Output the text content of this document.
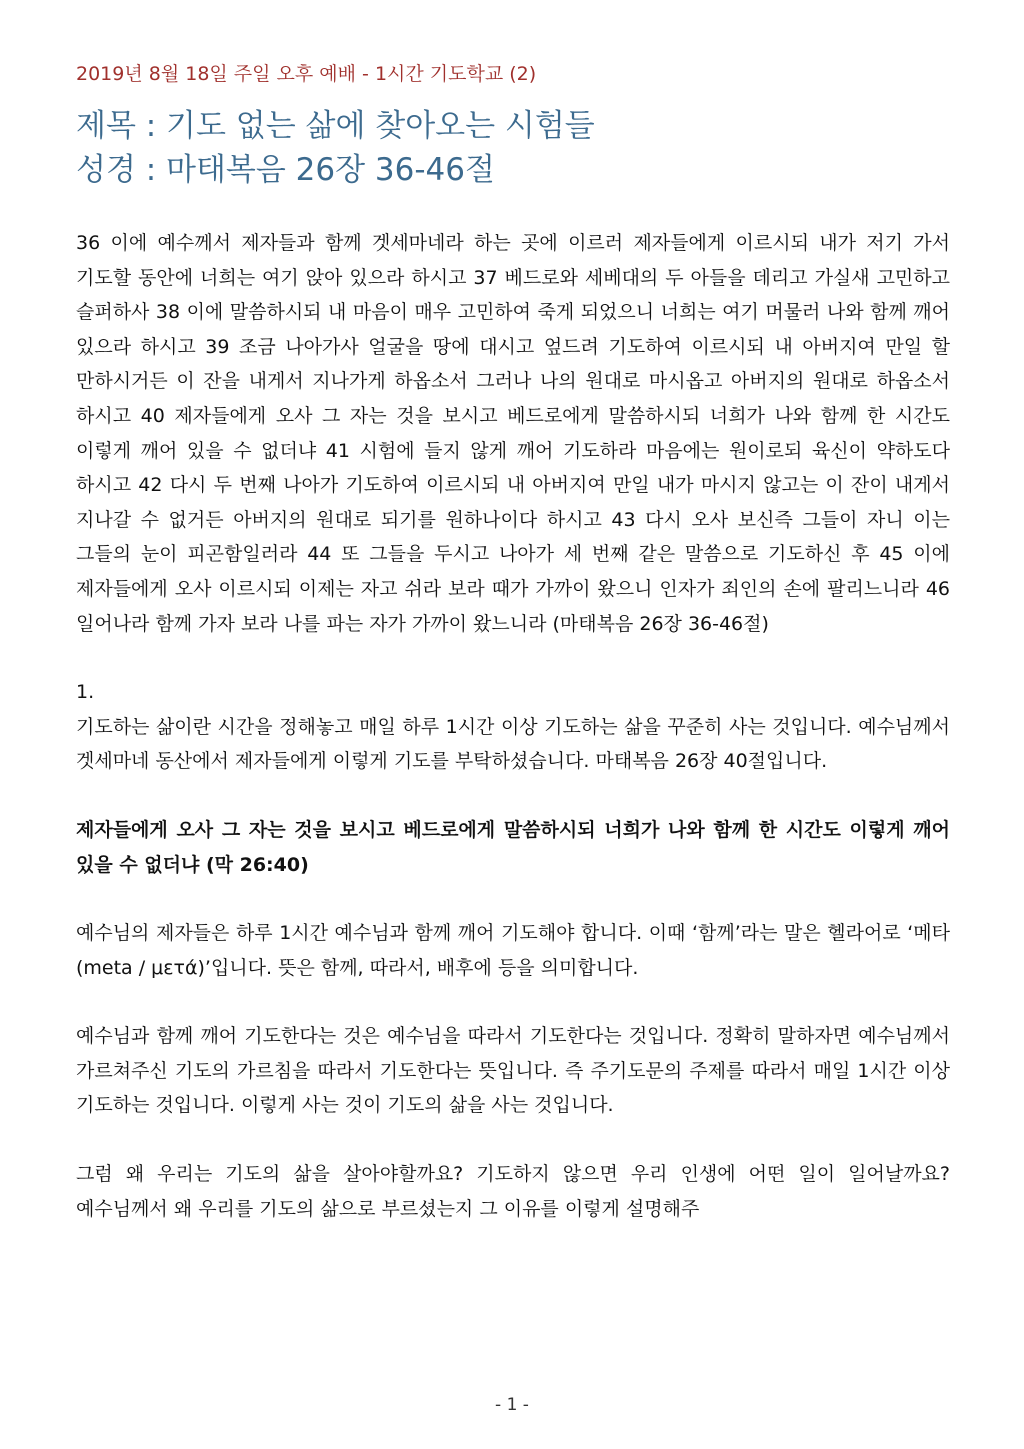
2019년 8월 18일 주일 오후 예배 - 1시간 기도학교 (2)
제목 : 기도 없는 삶에 찾아오는 시험들
성경 : 마태복음 26장 36-46절

36 이에 예수께서 제자들과 함께 겟세마네라 하는 곳에 이르러 제자들에게 이르시되 내가 저기 가서 기도할 동안에 너희는 여기 앉아 있으라 하시고 37 베드로와 세베대의 두 아들을 데리고 가실새 고민하고 슬퍼하사 38 이에 말씀하시되 내 마음이 매우 고민하여 죽게 되었으니 너희는 여기 머물러 나와 함께 깨어 있으라 하시고 39 조금 나아가사 얼굴을 땅에 대시고 엎드려 기도하여 이르시되 내 아버지여 만일 할 만하시거든 이 잔을 내게서 지나가게 하옵소서 그러나 나의 원대로 마시옵고 아버지의 원대로 하옵소서 하시고 40 제자들에게 오사 그 자는 것을 보시고 베드로에게 말씀하시되 너희가 나와 함께 한 시간도 이렇게 깨어 있을 수 없더냐 41 시험에 들지 않게 깨어 기도하라 마음에는 원이로되 육신이 약하도다 하시고 42 다시 두 번째 나아가 기도하여 이르시되 내 아버지여 만일 내가 마시지 않고는 이 잔이 내게서 지나갈 수 없거든 아버지의 원대로 되기를 원하나이다 하시고 43 다시 오사 보신즉 그들이 자니 이는 그들의 눈이 피곤함일러라 44 또 그들을 두시고 나아가 세 번째 같은 말씀으로 기도하신 후 45 이에 제자들에게 오사 이르시되 이제는 자고 쉬라 보라 때가 가까이 왔으니 인자가 죄인의 손에 팔리느니라 46 일어나라 함께 가자 보라 나를 파는 자가 가까이 왔느니라 (마태복음 26장 36-46절)

1.

기도하는 삶이란 시간을 정해놓고 매일 하루 1시간 이상 기도하는 삶을 꾸준히 사는 것입니다. 예수님께서 겟세마네 동산에서 제자들에게 이렇게 기도를 부탁하셨습니다. 마태복음 26장 40절입니다.

제자들에게 오사 그 자는 것을 보시고 베드로에게 말씀하시되 너희가 나와 함께 한 시간도 이렇게 깨어 있을 수 없더냐 (막 26:40)

예수님의 제자들은 하루 1시간 예수님과 함께 깨어 기도해야 합니다. 이때 ‘함께’라는 말은 헬라어로 ‘메타(meta / μετά)’입니다. 뜻은 함께, 따라서, 배후에 등을 의미합니다.

예수님과 함께 깨어 기도한다는 것은 예수님을 따라서 기도한다는 것입니다. 정확히 말하자면 예수님께서 가르쳐주신 기도의 가르침을 따라서 기도한다는 뜻입니다. 즉 주기도문의 주제를 따라서 매일 1시간 이상 기도하는 것입니다. 이렇게 사는 것이 기도의 삶을 사는 것입니다.

그럼 왜 우리는 기도의 삶을 살아야할까요? 기도하지 않으면 우리 인생에 어떤 일이 일어날까요? 예수님께서 왜 우리를 기도의 삶으로 부르셨는지 그 이유를 이렇게 설명해주

- 1 -
